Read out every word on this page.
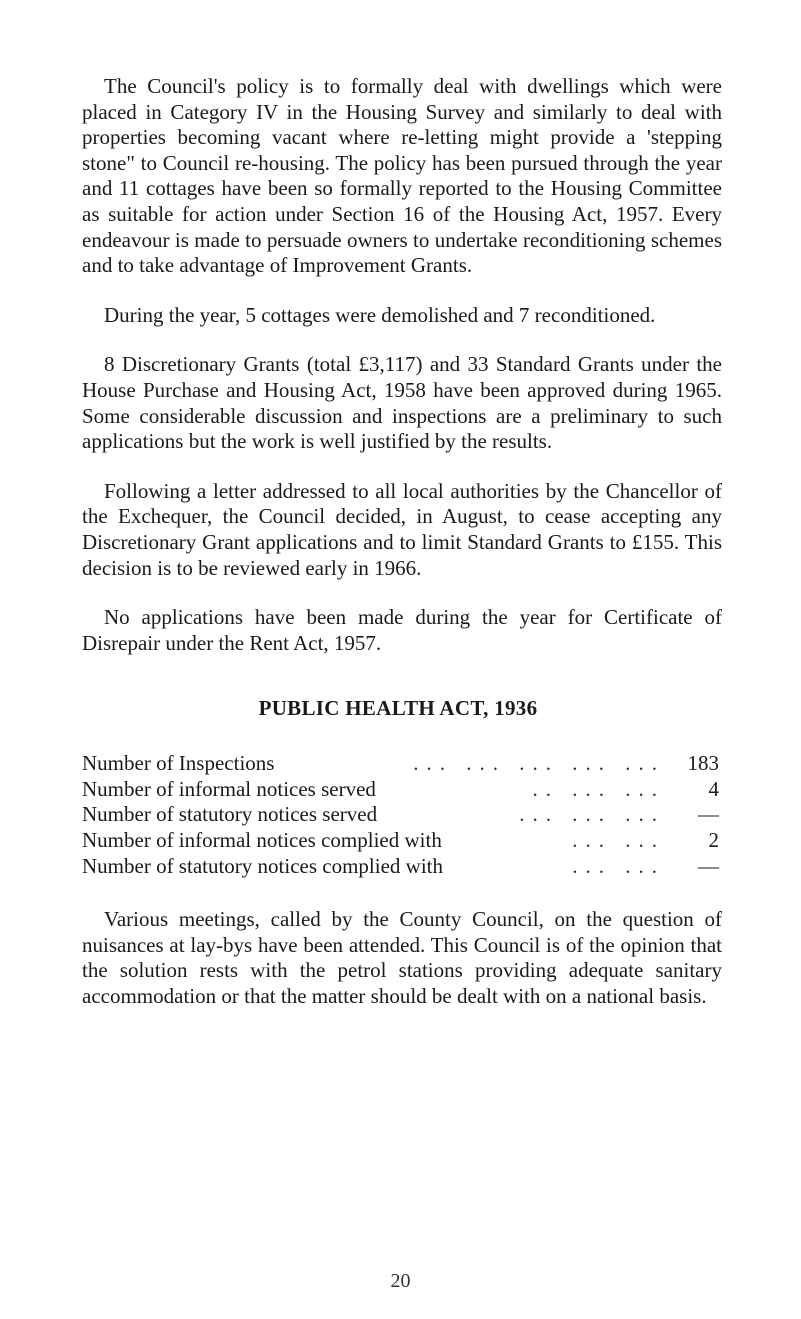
The Council's policy is to formally deal with dwellings which were placed in Category IV in the Housing Survey and similarly to deal with properties becoming vacant where re-letting might provide a 'stepping stone" to Council re-housing. The policy has been pursued through the year and 11 cottages have been so formally reported to the Housing Committee as suitable for action under Section 16 of the Housing Act, 1957. Every endeavour is made to persuade owners to undertake reconditioning schemes and to take advantage of Improvement Grants.

During the year, 5 cottages were demolished and 7 reconditioned.

8 Discretionary Grants (total £3,117) and 33 Standard Grants under the House Purchase and Housing Act, 1958 have been approved during 1965. Some considerable discussion and inspections are a preliminary to such applications but the work is well justified by the results.

Following a letter addressed to all local authorities by the Chancellor of the Exchequer, the Council decided, in August, to cease accepting any Discretionary Grant applications and to limit Standard Grants to £155. This decision is to be reviewed early in 1966.

No applications have been made during the year for Certificate of Disrepair under the Rent Act, 1957.

PUBLIC HEALTH ACT, 1936
Number of Inspections	... ... ... ... ...	183
Number of informal notices served	.. ... ...	4
Number of statutory notices served	... ... ...	—
Number of informal notices complied with	... ...	2
Number of statutory notices complied with	... ...	—

Various meetings, called by the County Council, on the question of nuisances at lay-bys have been attended. This Council is of the opinion that the solution rests with the petrol stations providing adequate sanitary accommodation or that the matter should be dealt with on a national basis.

20
